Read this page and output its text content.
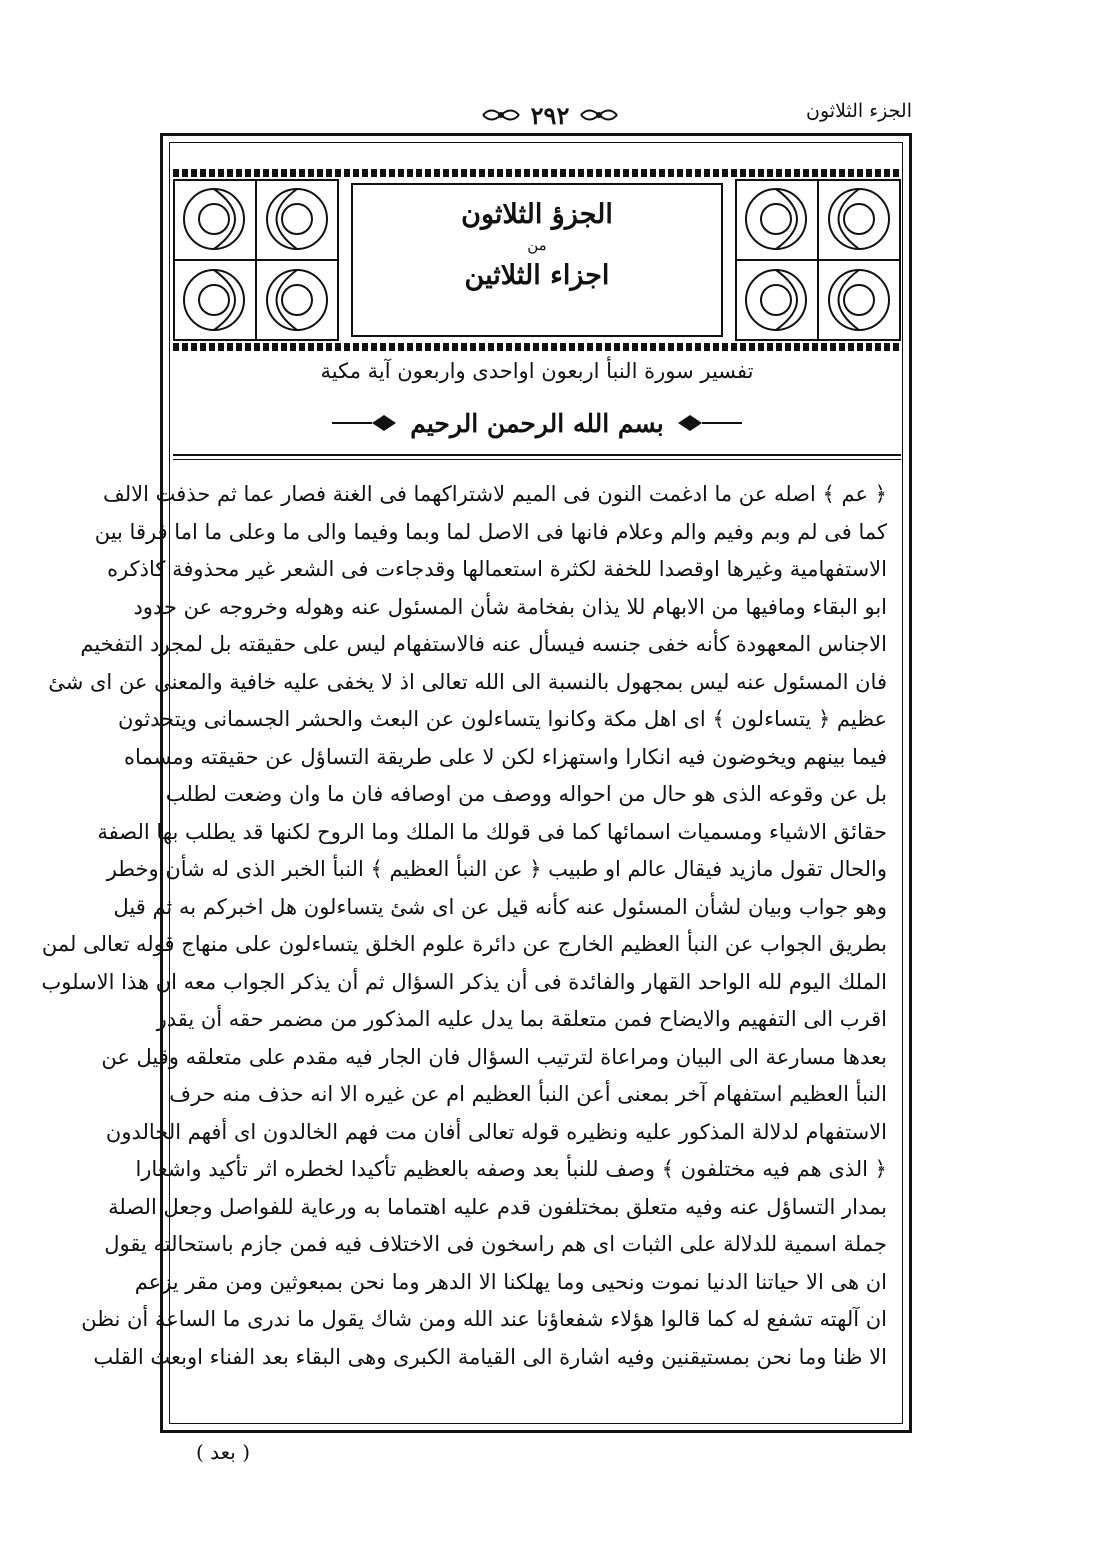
الجزء الثلاثون
٢٩٢
الجزؤ الثلاثون
من
اجزاء الثلاثين
تفسير سورة النبأ اربعون اواحدى واربعون آية مكية
بسم الله الرحمن الرحيم
﴿ عم ﴾ اصله عن ما ادغمت النون فى الميم لاشتراكهما فى الغنة فصار عما ثم حذفت الالف
كما فى لم وبم وفيم والم وعلام فانها فى الاصل لما وبما وفيما والى ما وعلى ما اما فرقا بين
الاستفهامية وغيرها اوقصدا للخفة لكثرة استعمالها وقدجاءت فى الشعر غير محذوفة كاذكره
ابو البقاء ومافيها من الابهام للا يذان بفخامة شأن المسئول عنه وهوله وخروجه عن حدود
الاجناس المعهودة كأنه خفى جنسه فيسأل عنه فالاستفهام ليس على حقيقته بل لمجرد التفخيم
فان المسئول عنه ليس بمجهول بالنسبة الى الله تعالى اذ لا يخفى عليه خافية والمعنى عن اى شئ
عظيم ﴿ يتساءلون ﴾ اى اهل مكة وكانوا يتساءلون عن البعث والحشر الجسمانى ويتحدثون
فيما بينهم ويخوضون فيه انكارا واستهزاء لكن لا على طريقة التساؤل عن حقيقته ومسماه
بل عن وقوعه الذى هو حال من احواله ووصف من اوصافه فان ما وان وضعت لطلب
حقائق الاشياء ومسميات اسمائها كما فى قولك ما الملك وما الروح لكنها قد يطلب بها الصفة
والحال تقول مازيد فيقال عالم او طبيب ﴿ عن النبأ العظيم ﴾ النبأ الخبر الذى له شأن وخطر
وهو جواب وبيان لشأن المسئول عنه كأنه قيل عن اى شئ يتساءلون هل اخبركم به ثم قيل
بطريق الجواب عن النبأ العظيم الخارج عن دائرة علوم الخلق يتساءلون على منهاج قوله تعالى لمن
الملك اليوم لله الواحد القهار والفائدة فى أن يذكر السؤال ثم أن يذكر الجواب معه ان هذا الاسلوب
اقرب الى التفهيم والايضاح فمن متعلقة بما يدل عليه المذكور من مضمر حقه أن يقدر
بعدها مسارعة الى البيان ومراعاة لترتيب السؤال فان الجار فيه مقدم على متعلقه وقيل عن
النبأ العظيم استفهام آخر بمعنى أعن النبأ العظيم ام عن غيره الا انه حذف منه حرف
الاستفهام لدلالة المذكور عليه ونظيره قوله تعالى أفان مت فهم الخالدون اى أفهم الخالدون
﴿ الذى هم فيه مختلفون ﴾ وصف للنبأ بعد وصفه بالعظيم تأكيدا لخطره اثر تأكيد واشعارا
بمدار التساؤل عنه وفيه متعلق بمختلفون قدم عليه اهتماما به ورعاية للفواصل وجعل الصلة
جملة اسمية للدلالة على الثبات اى هم راسخون فى الاختلاف فيه فمن جازم باستحالته يقول
ان هى الا حياتنا الدنيا نموت ونحيى وما يهلكنا الا الدهر وما نحن بمبعوثين ومن مقر يزعم
ان آلهته تشفع له كما قالوا هؤلاء شفعاؤنا عند الله ومن شاك يقول ما ندرى ما الساعة أن نظن
الا ظنا وما نحن بمستيقنين وفيه اشارة الى القيامة الكبرى وهى البقاء بعد الفناء اوبعث القلب
( بعد )
